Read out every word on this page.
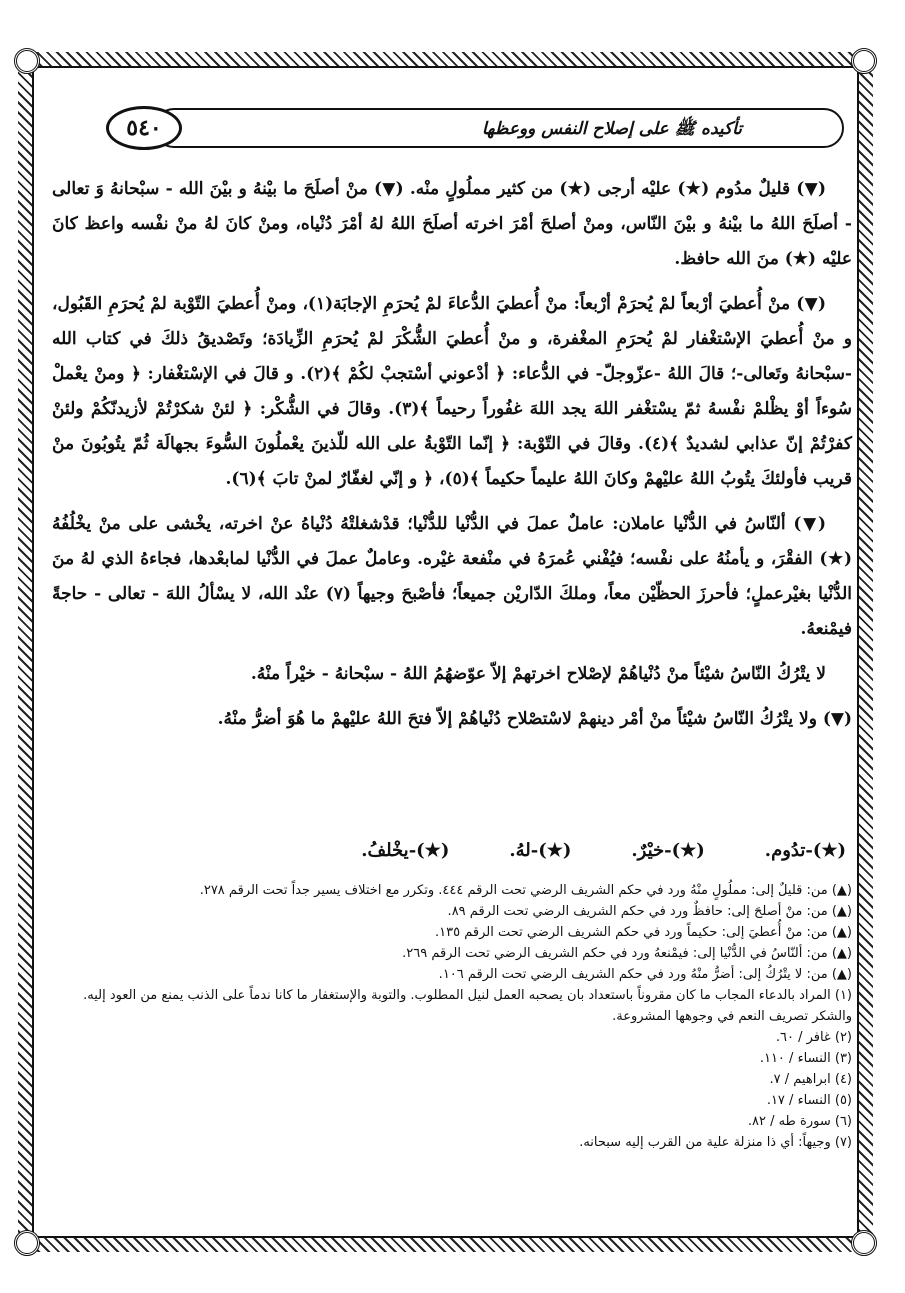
تأكيده ﷺ على إصلاح النفس ووعظها
٥٤٠

(▼) قليلٌ مدُوم (★) عليْه أرجى (★) من كثير مملُولٍ منْه. (▼) منْ أصلَحَ ما بيْنهُ و بيْنَ الله - سبْحانهُ وَ تعالى - أصلَحَ اللهُ ما بيْنهُ و بيْنَ النّاس، ومنْ أصلحَ أمْرَ اخرته أصلَحَ اللهُ لهُ أمْرَ دُنْياه، ومنْ كانَ لهُ منْ نفْسه واعظ كانَ عليْه (★) منَ الله حافظ.

(▼) منْ أُعطيَ أرْبعاً لمْ يُحرَمْ أرْبعاً: منْ أُعطيَ الدُّعاءَ لمْ يُحرَمِ الإجابَة(١)، ومنْ أُعطيَ التّوْبة لمْ يُحرَمِ القَبُول، و منْ أُعطيَ الإسْتغْفار لمْ يُحرَمِ المغْفرة، و منْ أُعطيَ الشُّكْرَ لمْ يُحرَمِ الزِّيادَة؛ وتَصْديقُ ذلكَ في كتاب الله -سبْحانهُ وتَعالى-؛ قالَ اللهُ -عزّوجلّ- في الدُّعاء: ﴿ أدْعوني أسْتجبْ لكُمْ ﴾(٢). و قالَ في الإسْتغْفار: ﴿ ومنْ يعْملْ سُوءاً أوْ يظْلمْ نفْسهُ ثمّ يسْتغْفر اللهَ يجد اللهَ غفُوراً رحيماً ﴾(٣). وقالَ في الشُّكْر: ﴿ لئنْ شكرْتُمْ لأزيدنّكُمْ ولئنْ كفرْتُمْ إنّ عذابي لشديدٌ ﴾(٤). وقالَ في التّوْبة: ﴿ إنّما التّوْبةُ على الله للّذينَ يعْملُونَ السُّوءَ بجهالَة ثُمّ يتُوبُونَ منْ قريب فأولئكَ يتُوبُ اللهُ عليْهمْ وكانَ اللهُ عليماً حكيماً ﴾(٥)، ﴿ و إنّي لغفّارٌ لمنْ تابَ ﴾(٦).

(▼) ألنّاسُ في الدُّنْيا عاملان: عاملٌ عملَ في الدُّنْيا للدُّنْيا؛ قدْشغلتْهُ دُنْياهُ عنْ اخرته، يخْشى على منْ يخْلُفُهُ (★) الفقْرَ، و يأمنُهُ على نفْسه؛ فيُفْني عُمرَهُ في منْفعة غيْره. وعاملٌ عملَ في الدُّنْيا لمابعْدها، فجاءهُ الذي لهُ منَ الدُّنْيا بغيْرعملٍ؛ فأحرزَ الحظّيْن معاً، وملكَ الدّاريْن جميعاً؛ فأصْبحَ وجيهاً (٧) عنْد الله، لا يسْألُ اللهَ - تعالى - حاجةً فيمْنعهُ.

لا يتْرُكُ النّاسُ شيْئاً منْ دُنْياهُمْ لإصْلاح اخرتهمْ إلاّ عوّضهُمُ اللهُ - سبْحانهُ - خيْراً منْهُ.

(▼) ولا يتْرُكُ النّاسُ شيْئاً منْ أمْر دينهمْ لاسْتصْلاح دُنْياهُمْ إلاّ فتحَ اللهُ عليْهمْ ما هُوَ أضرُّ منْهُ.

(★)-تدُوم.
(★)-خيْرٌ.
(★)-لهُ.
(★)-يخْلفُ.
(▲) من: قليلٌ إلى: مملُولٍ منْهُ ورد في حكم الشريف الرضي تحت الرقم ٤٤٤. وتكرر مع اختلاف يسير جداً تحت الرقم ٢٧٨.
(▲) من: منْ أصلحَ إلى: حافظٌ ورد في حكم الشريف الرضي تحت الرقم ٨٩.
(▲) من: منْ أُعطيَ إلى: حكيماً ورد في حكم الشريف الرضي تحت الرقم ١٣٥.
(▲) من: ألنّاسُ في الدُّنْيا إلى: فيمْنعهُ ورد في حكم الشريف الرضي تحت الرقم ٢٦٩.
(▲) من: لا يتْرُكُ إلى: أضرُّ منْهُ ورد في حكم الشريف الرضي تحت الرقم ١٠٦.
(١) المراد بالدعاء المجاب ما كان مقروناً باستعداد بان يصحبه العمل لنيل المطلوب. والتوبة والإستغفار ما كانا ندماً على الذنب يمنع من العود إليه. والشكر تصريف النعم في وجوهها المشروعة.
(٢) غافر / ٦٠.
(٣) النساء / ١١٠.
(٤) ابراهيم / ٧.
(٥) النساء / ١٧.
(٦) سورة طه / ٨٢.
(٧) وجيهاً: أي ذا منزلة علية من القرب إليه سبحانه.
